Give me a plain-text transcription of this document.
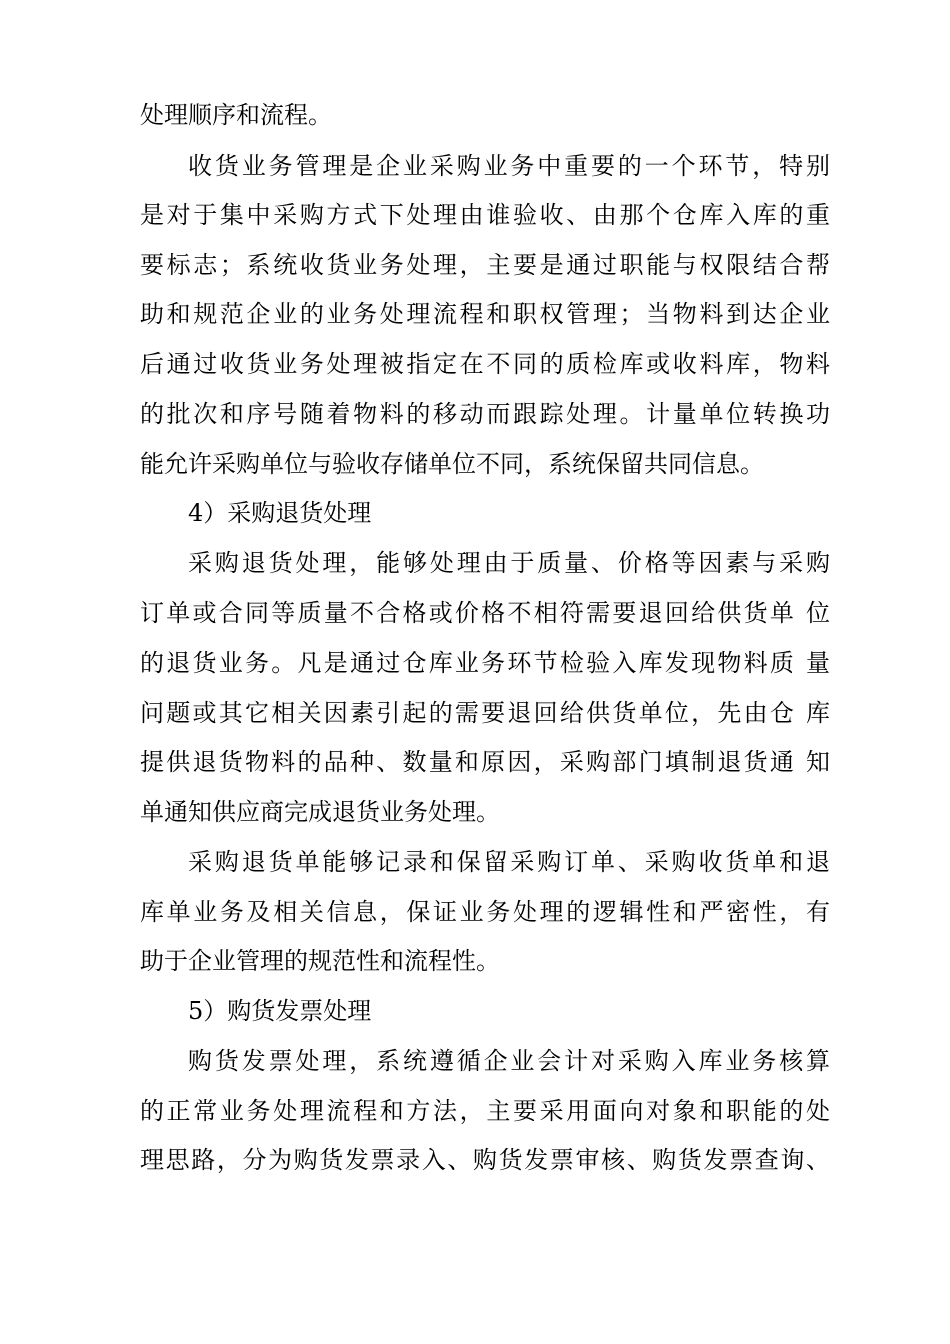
处理顺序和流程。
收货业务管理是企业采购业务中重要的一个环节，特别
是对于集中采购方式下处理由谁验收、由那个仓库入库的重
要标志；系统收货业务处理，主要是通过职能与权限结合帮
助和规范企业的业务处理流程和职权管理；当物料到达企业
后通过收货业务处理被指定在不同的质检库或收料库，物料
的批次和序号随着物料的移动而跟踪处理。计量单位转换功
能允许采购单位与验收存储单位不同，系统保留共同信息。
4）采购退货处理
采购退货处理，能够处理由于质量、价格等因素与采购
订单或合同等质量不合格或价格不相符需要退回给供货单 位
的退货业务。凡是通过仓库业务环节检验入库发现物料质 量
问题或其它相关因素引起的需要退回给供货单位，先由仓 库
提供退货物料的品种、数量和原因，采购部门填制退货通 知
单通知供应商完成退货业务处理。
采购退货单能够记录和保留采购订单、采购收货单和退
库单业务及相关信息，保证业务处理的逻辑性和严密性，有
助于企业管理的规范性和流程性。
5）购货发票处理
购货发票处理，系统遵循企业会计对采购入库业务核算
的正常业务处理流程和方法，主要采用面向对象和职能的处
理思路，分为购货发票录入、购货发票审核、购货发票查询、
